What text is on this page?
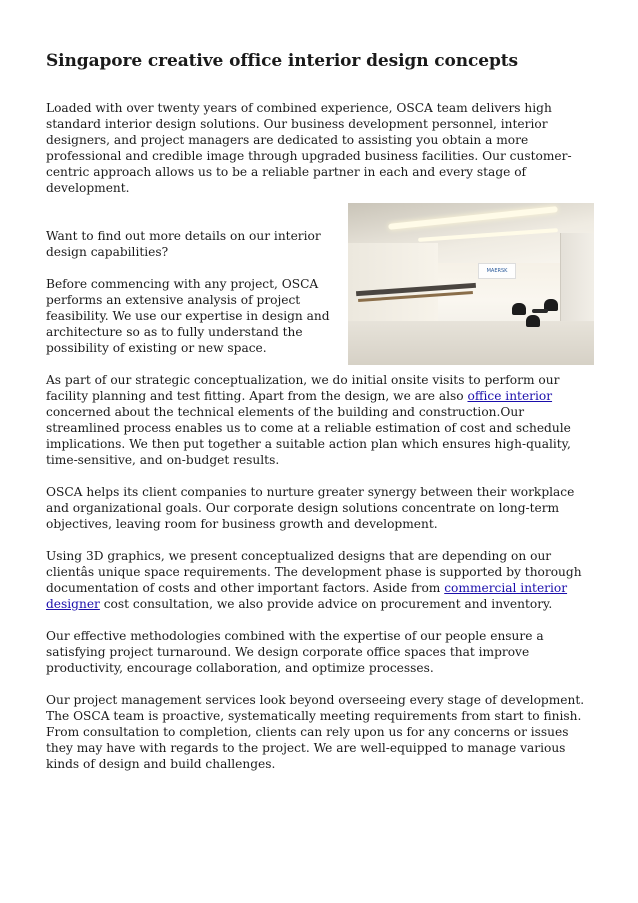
Singapore creative office interior design concepts

Loaded with over twenty years of combined experience, OSCA team delivers high standard interior design solutions. Our business development personnel, interior designers, and project managers are dedicated to assisting you obtain a more professional and credible image through upgraded business facilities. Our customer-centric approach allows us to be a reliable partner in each and every stage of development.

MAERSK

Want to find out more details on our interior design capabilities?

Before commencing with any project, OSCA performs an extensive analysis of project feasibility. We use our expertise in design and architecture so as to fully understand the possibility of existing or new space.

As part of our strategic conceptualization, we do initial onsite visits to perform our facility planning and test fitting. Apart from the design, we are also office interior concerned about the technical elements of the building and construction.Our streamlined process enables us to come at a reliable estimation of cost and schedule implications. We then put together a suitable action plan which ensures high-quality, time-sensitive, and on-budget results.

OSCA helps its client companies to nurture greater synergy between their workplace and organizational goals. Our corporate design solutions concentrate on long-term objectives, leaving room for business growth and development.

Using 3D graphics, we present conceptualized designs that are depending on our clientâs unique space requirements. The development phase is supported by thorough documentation of costs and other important factors. Aside from commercial interior designer cost consultation, we also provide advice on procurement and inventory.

Our effective methodologies combined with the expertise of our people ensure a satisfying project turnaround. We design corporate office spaces that improve productivity, encourage collaboration, and optimize processes.

Our project management services look beyond overseeing every stage of development. The OSCA team is proactive, systematically meeting requirements from start to finish. From consultation to completion, clients can rely upon us for any concerns or issues they may have with regards to the project. We are well-equipped to manage various kinds of design and build challenges.
